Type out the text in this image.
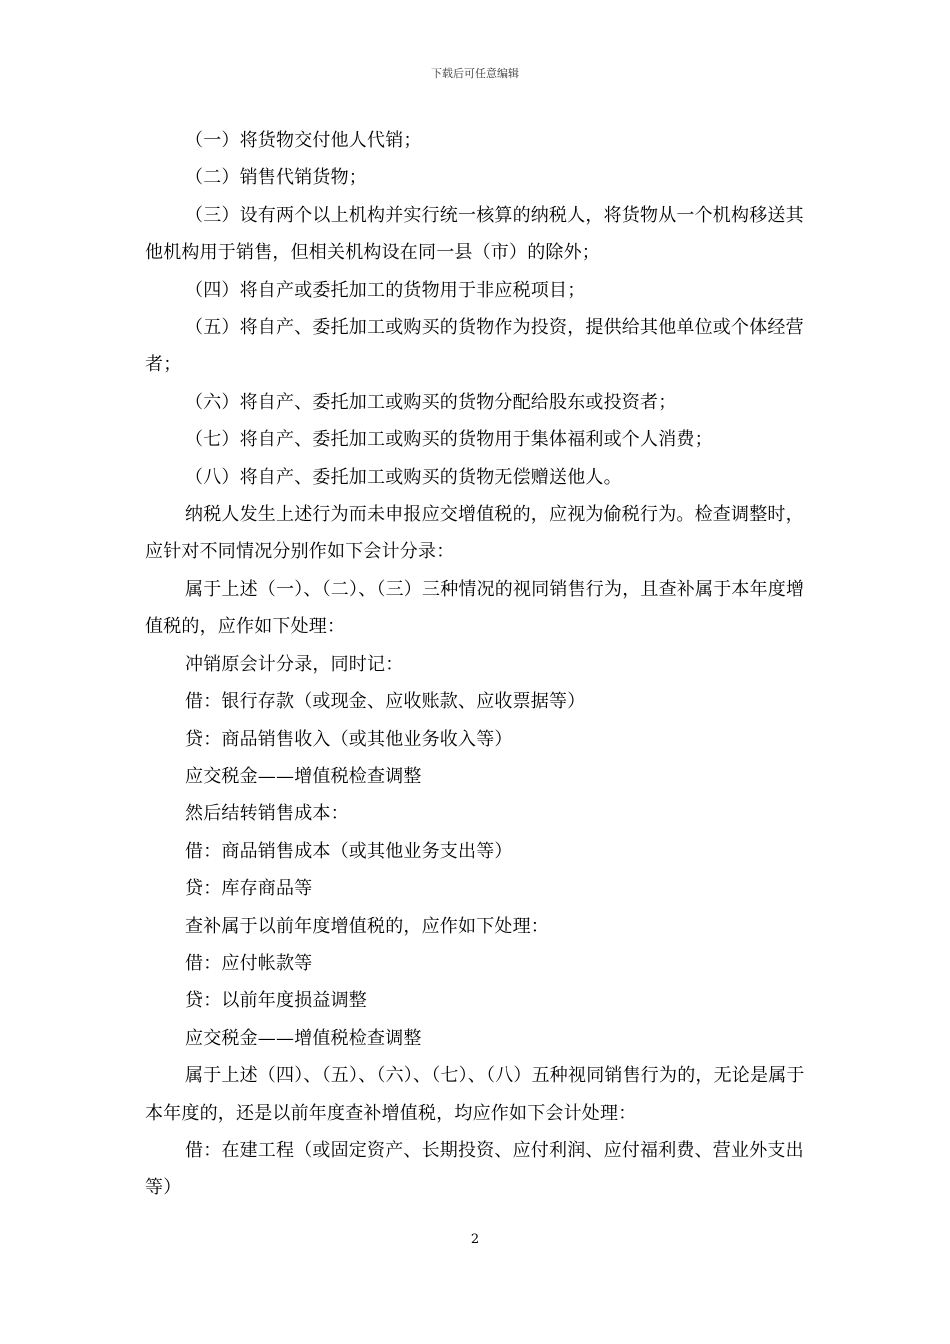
下载后可任意编辑

（一）将货物交付他人代销；

（二）销售代销货物；

（三）设有两个以上机构并实行统一核算的纳税人，将货物从一个机构移送其他机构用于销售，但相关机构设在同一县（市）的除外；

（四）将自产或委托加工的货物用于非应税项目；

（五）将自产、委托加工或购买的货物作为投资，提供给其他单位或个体经营者；

（六）将自产、委托加工或购买的货物分配给股东或投资者；

（七）将自产、委托加工或购买的货物用于集体福利或个人消费；

（八）将自产、委托加工或购买的货物无偿赠送他人。

纳税人发生上述行为而未申报应交增值税的，应视为偷税行为。检查调整时，应针对不同情况分别作如下会计分录：

属于上述（一）、（二）、（三）三种情况的视同销售行为，且查补属于本年度增值税的，应作如下处理：

冲销原会计分录，同时记：

借：银行存款（或现金、应收账款、应收票据等）

贷：商品销售收入（或其他业务收入等）

应交税金——增值税检查调整

然后结转销售成本：

借：商品销售成本（或其他业务支出等）

贷：库存商品等

查补属于以前年度增值税的，应作如下处理：

借：应付帐款等

贷：以前年度损益调整

应交税金——增值税检查调整

属于上述（四）、（五）、（六）、（七）、（八）五种视同销售行为的，无论是属于本年度的，还是以前年度查补增值税，均应作如下会计处理：

借：在建工程（或固定资产、长期投资、应付利润、应付福利费、营业外支出等）

2
